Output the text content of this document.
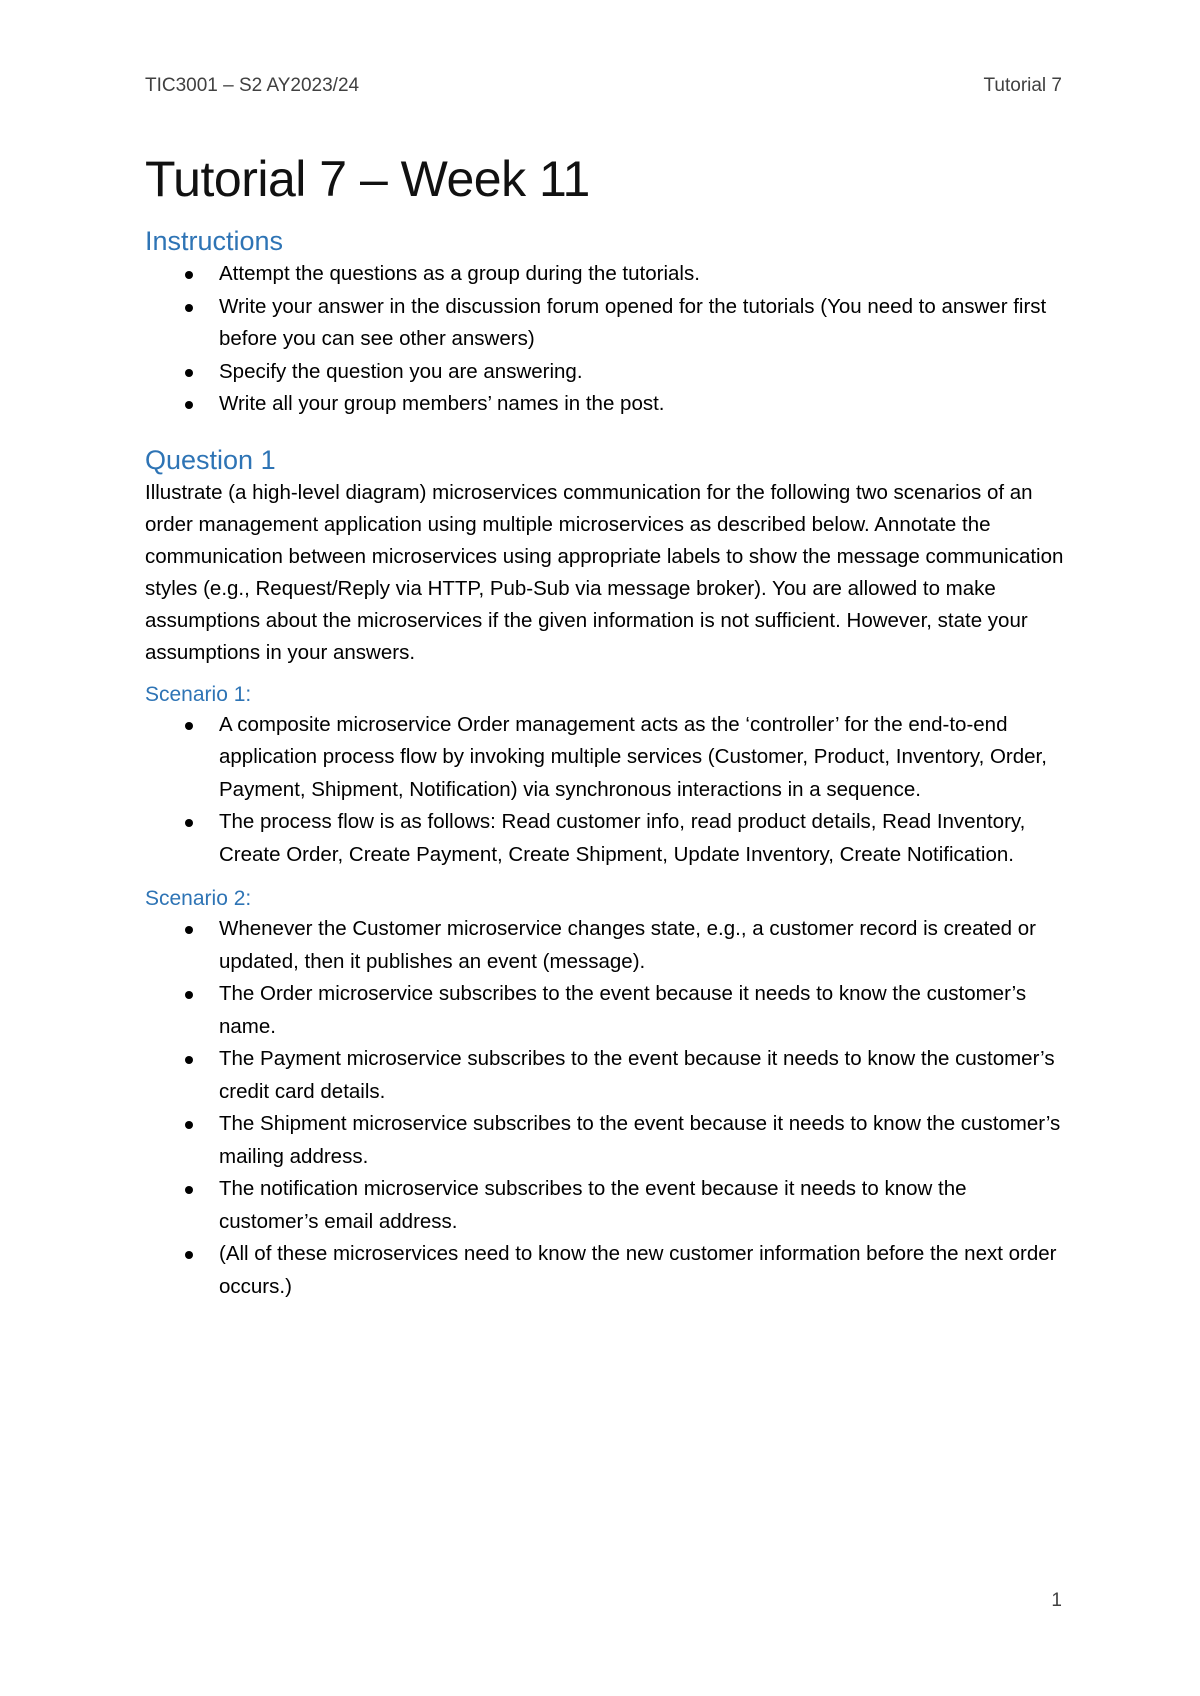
TIC3001 – S2 AY2023/24	Tutorial 7
Tutorial 7 – Week 11
Instructions
Attempt the questions as a group during the tutorials.
Write your answer in the discussion forum opened for the tutorials (You need to answer first before you can see other answers)
Specify the question you are answering.
Write all your group members’ names in the post.
Question 1

Illustrate (a high-level diagram) microservices communication for the following two scenarios of an order management application using multiple microservices as described below. Annotate the communication between microservices using appropriate labels to show the message communication styles (e.g., Request/Reply via HTTP, Pub-Sub via message broker). You are allowed to make assumptions about the microservices if the given information is not sufficient. However, state your assumptions in your answers.

Scenario 1:
A composite microservice Order management acts as the ‘controller’ for the end-to-end application process flow by invoking multiple services (Customer, Product, Inventory, Order, Payment, Shipment, Notification) via synchronous interactions in a sequence.
The process flow is as follows: Read customer info, read product details, Read Inventory, Create Order, Create Payment, Create Shipment, Update Inventory, Create Notification.
Scenario 2:
Whenever the Customer microservice changes state, e.g., a customer record is created or updated, then it publishes an event (message).
The Order microservice subscribes to the event because it needs to know the customer’s name.
The Payment microservice subscribes to the event because it needs to know the customer’s credit card details.
The Shipment microservice subscribes to the event because it needs to know the customer’s mailing address.
The notification microservice subscribes to the event because it needs to know the customer’s email address.
(All of these microservices need to know the new customer information before the next order occurs.)
1
